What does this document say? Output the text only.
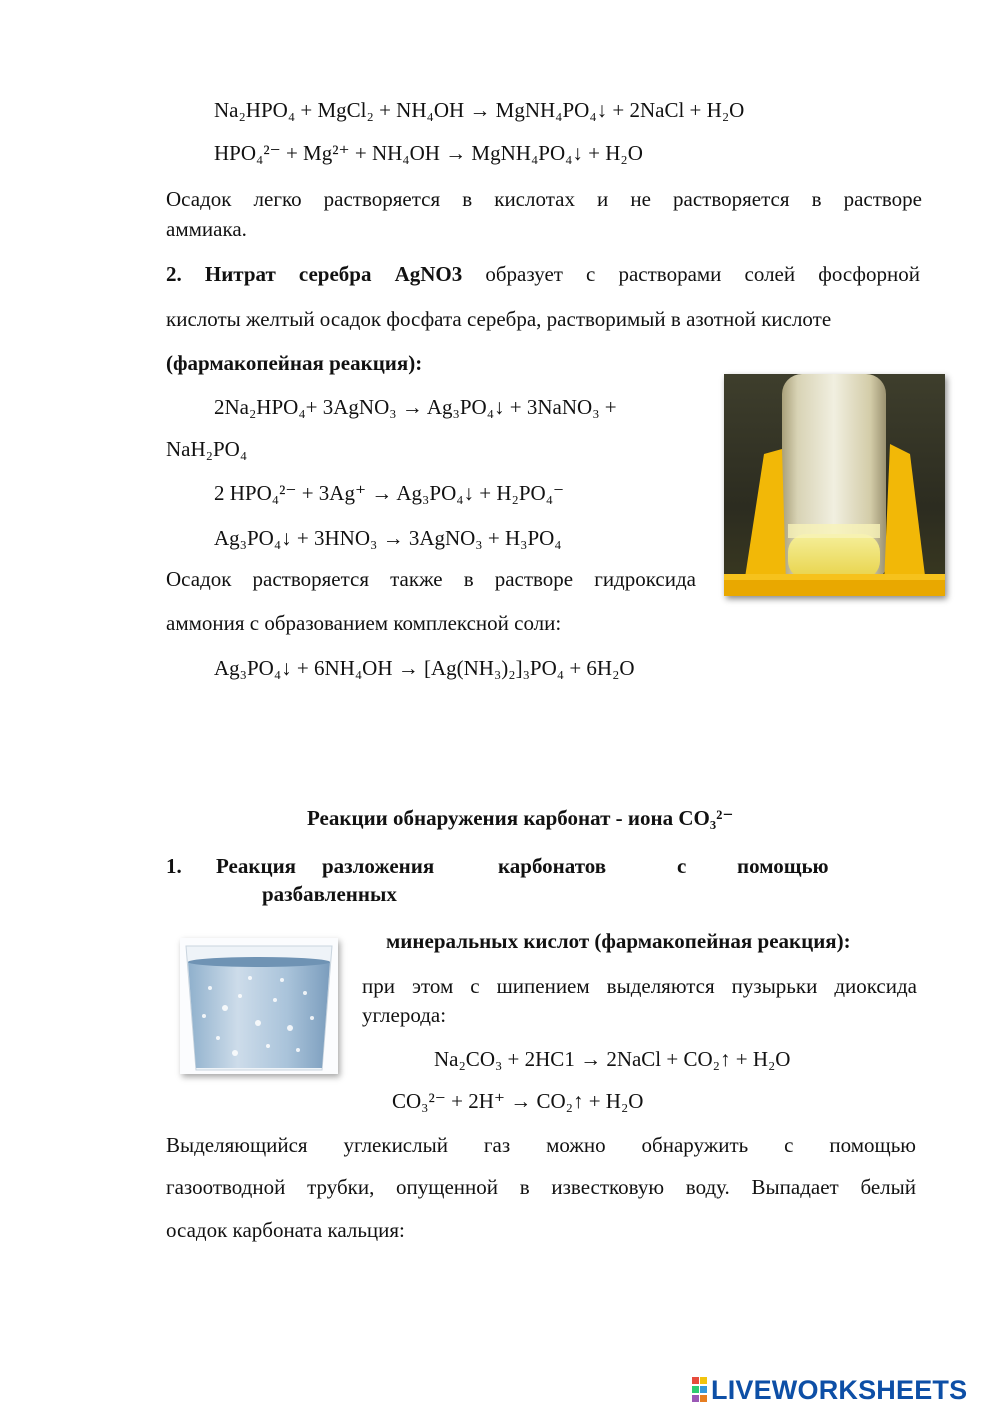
Na₂HPO₄ + MgCl₂ + NH₄OH → MgNH₄PO₄↓ + 2NaCl + H₂O
HPO₄²⁻ + Mg²⁺ + NH₄OH → MgNH₄PO₄↓ + H₂O
Осадок легко растворяется в кислотах и не растворяется в растворе
аммиака.
2. Нитрат серебра AgNO3 образует с растворами солей фосфорной
кислоты желтый осадок фосфата серебра, растворимый в азотной кислоте
(фармакопейная реакция):
2Na₂HPO₄+ 3AgNO₃ → Ag₃PO₄↓ + 3NaNO₃ +
NaH₂PO₄
2 HPO₄²⁻ + 3Ag⁺ → Ag₃PO₄↓ + H₂PO₄⁻
Ag₃PO₄↓ + 3HNO₃ → 3AgNO₃ + H₃PO₄
Осадок растворяется также в растворе гидроксида
аммония с образованием комплексной соли:
Ag₃PO₄↓ + 6NH₄OH → [Ag(NH₃)₂]₃PO₄ + 6H₂O
Реакции обнаружения карбонат - иона CO₃²⁻
1. Реакция разложения	карбонатов	с помощью
разбавленных
минеральных кислот (фармакопейная реакция):
при этом с шипением выделяются пузырьки диоксида
углерода:
Na₂CO₃ + 2HC1 → 2NaCl + CO₂↑ + H₂O
CO₃²⁻ + 2H⁺ → CO₂↑ + H₂O
Выделяющийся углекислый газ можно обнаружить с помощью
газоотводной трубки, опущенной в известковую воду. Выпадает белый
осадок карбоната кальция:
LIVEWORKSHEETS
